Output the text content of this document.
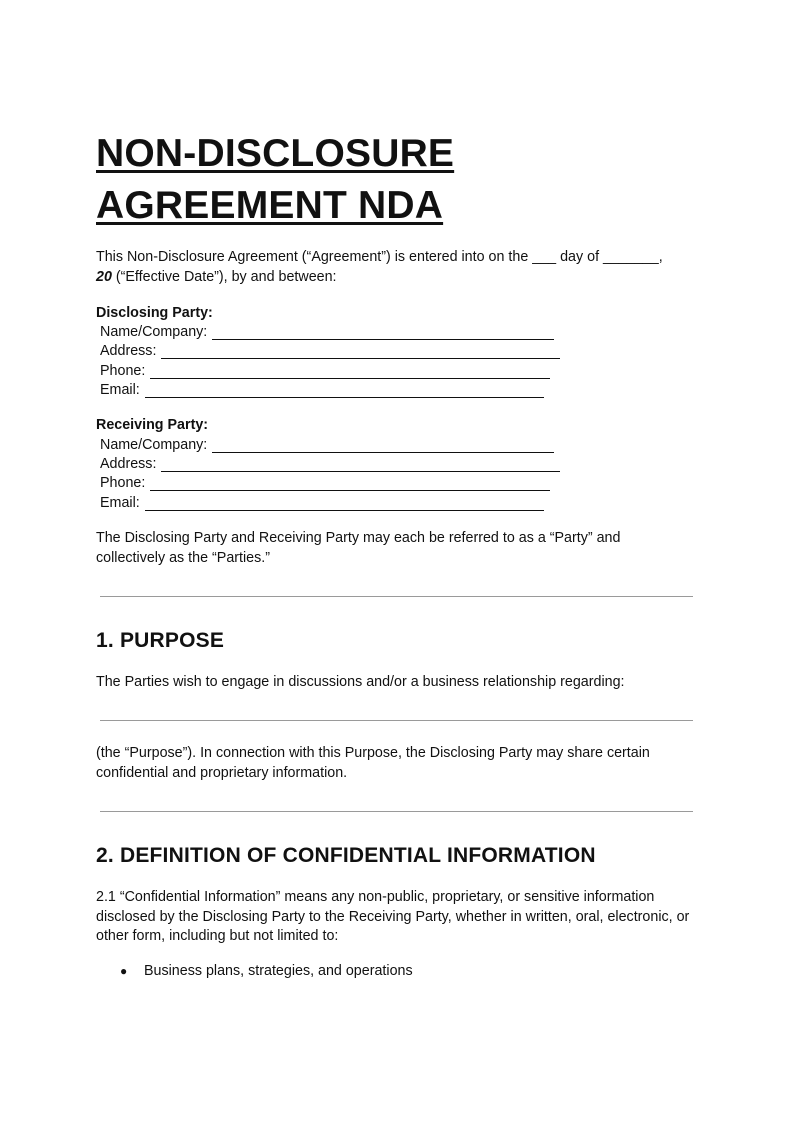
NON-DISCLOSURE
AGREEMENT NDA

This Non-Disclosure Agreement (“Agreement”) is entered into on the ___ day of _______,
20 (“Effective Date”), by and between:

Disclosing Party:

Name/Company:
Address:
Phone:
Email:

Receiving Party:

Name/Company:
Address:
Phone:
Email:

The Disclosing Party and Receiving Party may each be referred to as a “Party” and collectively as the “Parties.”

1. PURPOSE

The Parties wish to engage in discussions and/or a business relationship regarding:

(the “Purpose”). In connection with this Purpose, the Disclosing Party may share certain confidential and proprietary information.

2. DEFINITION OF CONFIDENTIAL INFORMATION

2.1 “Confidential Information” means any non-public, proprietary, or sensitive information disclosed by the Disclosing Party to the Receiving Party, whether in written, oral, electronic, or other form, including but not limited to:

● Business plans, strategies, and operations
